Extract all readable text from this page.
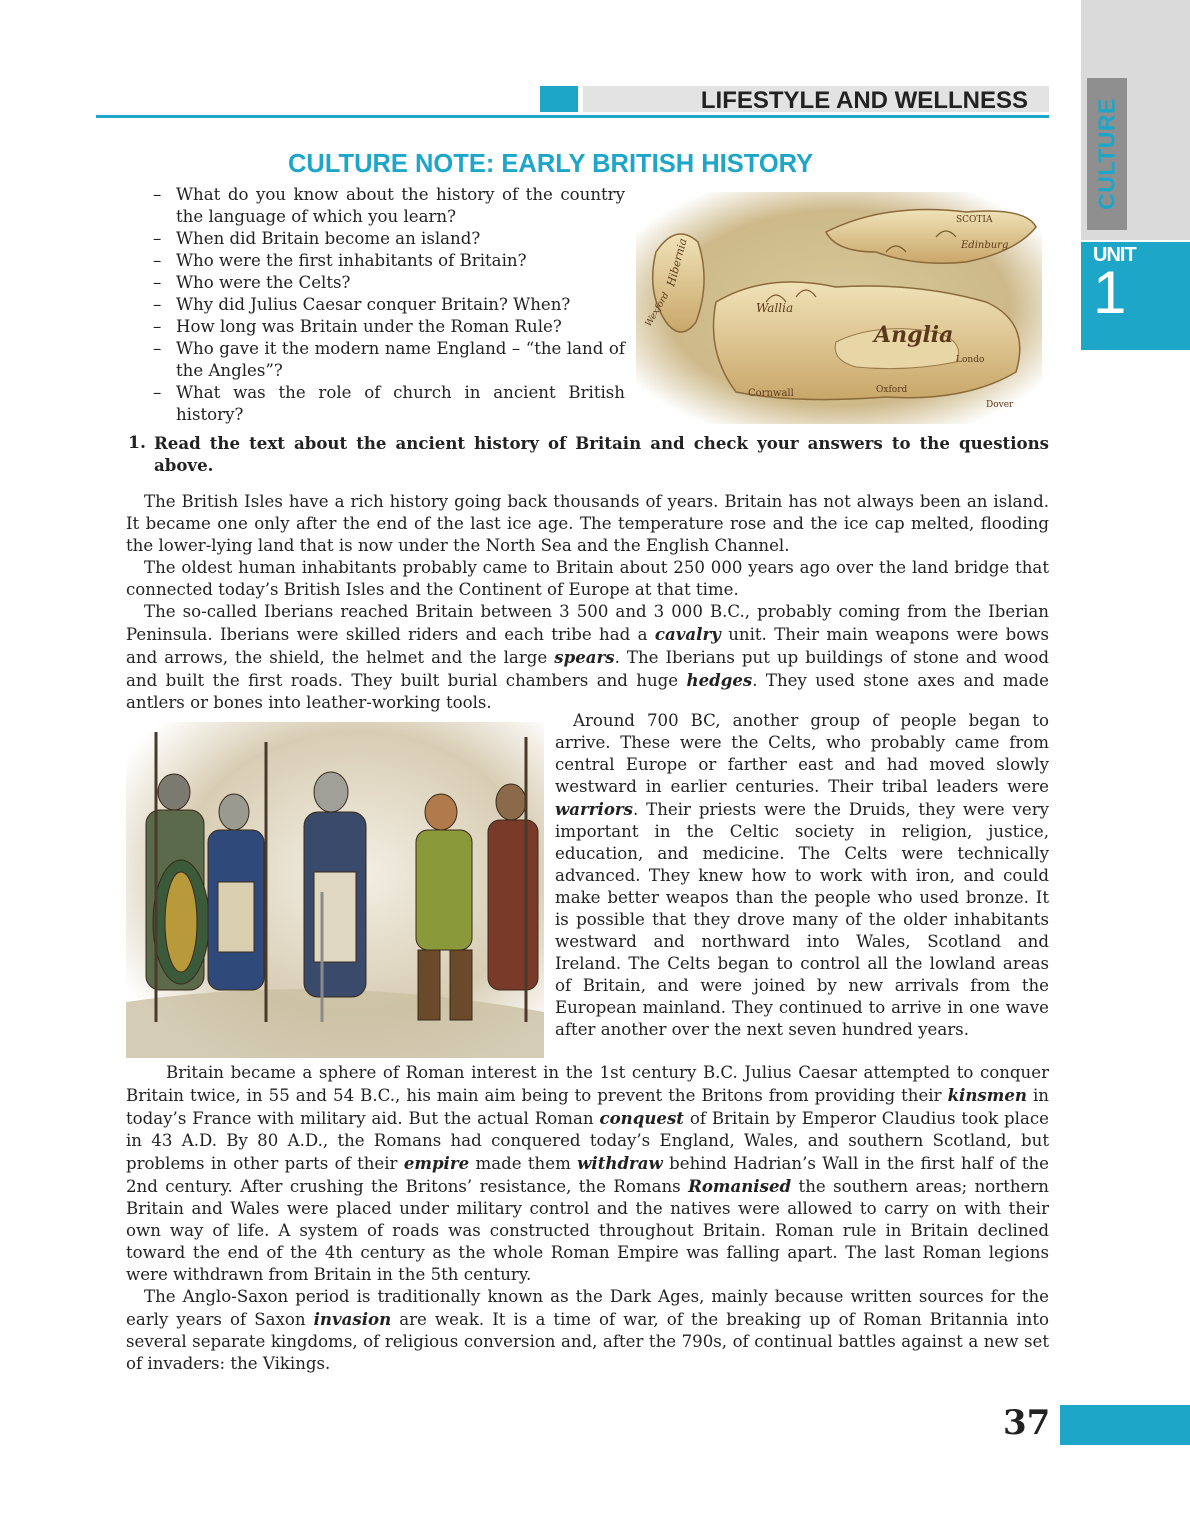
LIFESTYLE AND WELLNESS	CULTURE
UNIT
1
CULTURE NOTE: EARLY BRITISH HISTORY
– What do you know about the history of the country the language of which you learn?
– When did Britain become an island?
– Who were the first inhabitants of Britain?
– Who were the Celts?
– Why did Julius Caesar conquer Britain? When?
– How long was Britain under the Roman Rule?
– Who gave it the modern name England – “the land of the Angles”?
– What was the role of church in ancient British history?
SCOTIA
Edinburg
Hibernia
Wexford	Wallia
Anglia
Londo
Cornwall	Oxford
Dover
1. Read the text about the ancient history of Britain and check your answers to the questions above.

The British Isles have a rich history going back thousands of years. Britain has not always been an island. It became one only after the end of the last ice age. The temperature rose and the ice cap melted, flooding the lower-lying land that is now under the North Sea and the English Channel.

The oldest human inhabitants probably came to Britain about 250 000 years ago over the land bridge that connected today’s British Isles and the Continent of Europe at that time.

The so-called Iberians reached Britain between 3 500 and 3 000 B.C., probably coming from the Iberian Peninsula. Iberians were skilled riders and each tribe had a cavalry unit. Their main weapons were bows and arrows, the shield, the helmet and the large spears. The Iberians put up buildings of stone and wood and built the first roads. They built burial chambers and huge hedges. They used stone axes and made antlers or bones into leather-working tools.

Around 700 BC, another group of people began to arrive. These were the Celts, who probably came from central Europe or farther east and had moved slowly westward in earlier centuries. Their tribal leaders were warriors. Their priests were the Druids, they were very important in the Celtic society in religion, justice, education, and medicine. The Celts were technically advanced. They knew how to work with iron, and could make better weapos than the people who used bronze. It is possible that they drove many of the older inhabitants westward and northward into Wales, Scotland and Ireland. The Celts began to control all the lowland areas of Britain, and were joined by new arrivals from the European mainland. They continued to arrive in one wave after another over the next seven hundred years.

Britain became a sphere of Roman interest in the 1st century B.C. Julius Caesar attempted to conquer Britain twice, in 55 and 54 B.C., his main aim being to prevent the Britons from providing their kinsmen in today’s France with military aid. But the actual Roman conquest of Britain by Emperor Claudius took place in 43 A.D. By 80 A.D., the Romans had conquered today’s England, Wales, and southern Scotland, but problems in other parts of their empire made them withdraw behind Hadrian’s Wall in the first half of the 2nd century. After crushing the Britons’ resistance, the Romans Romanised the southern areas; northern Britain and Wales were placed under military control and the natives were allowed to carry on with their own way of life. A system of roads was constructed throughout Britain. Roman rule in Britain declined toward the end of the 4th century as the whole Roman Empire was falling apart. The last Roman legions were withdrawn from Britain in the 5th century.

The Anglo-Saxon period is traditionally known as the Dark Ages, mainly because written sources for the early years of Saxon invasion are weak. It is a time of war, of the breaking up of Roman Britannia into several separate kingdoms, of religious conversion and, after the 790s, of continual battles against a new set of invaders: the Vikings.

37
